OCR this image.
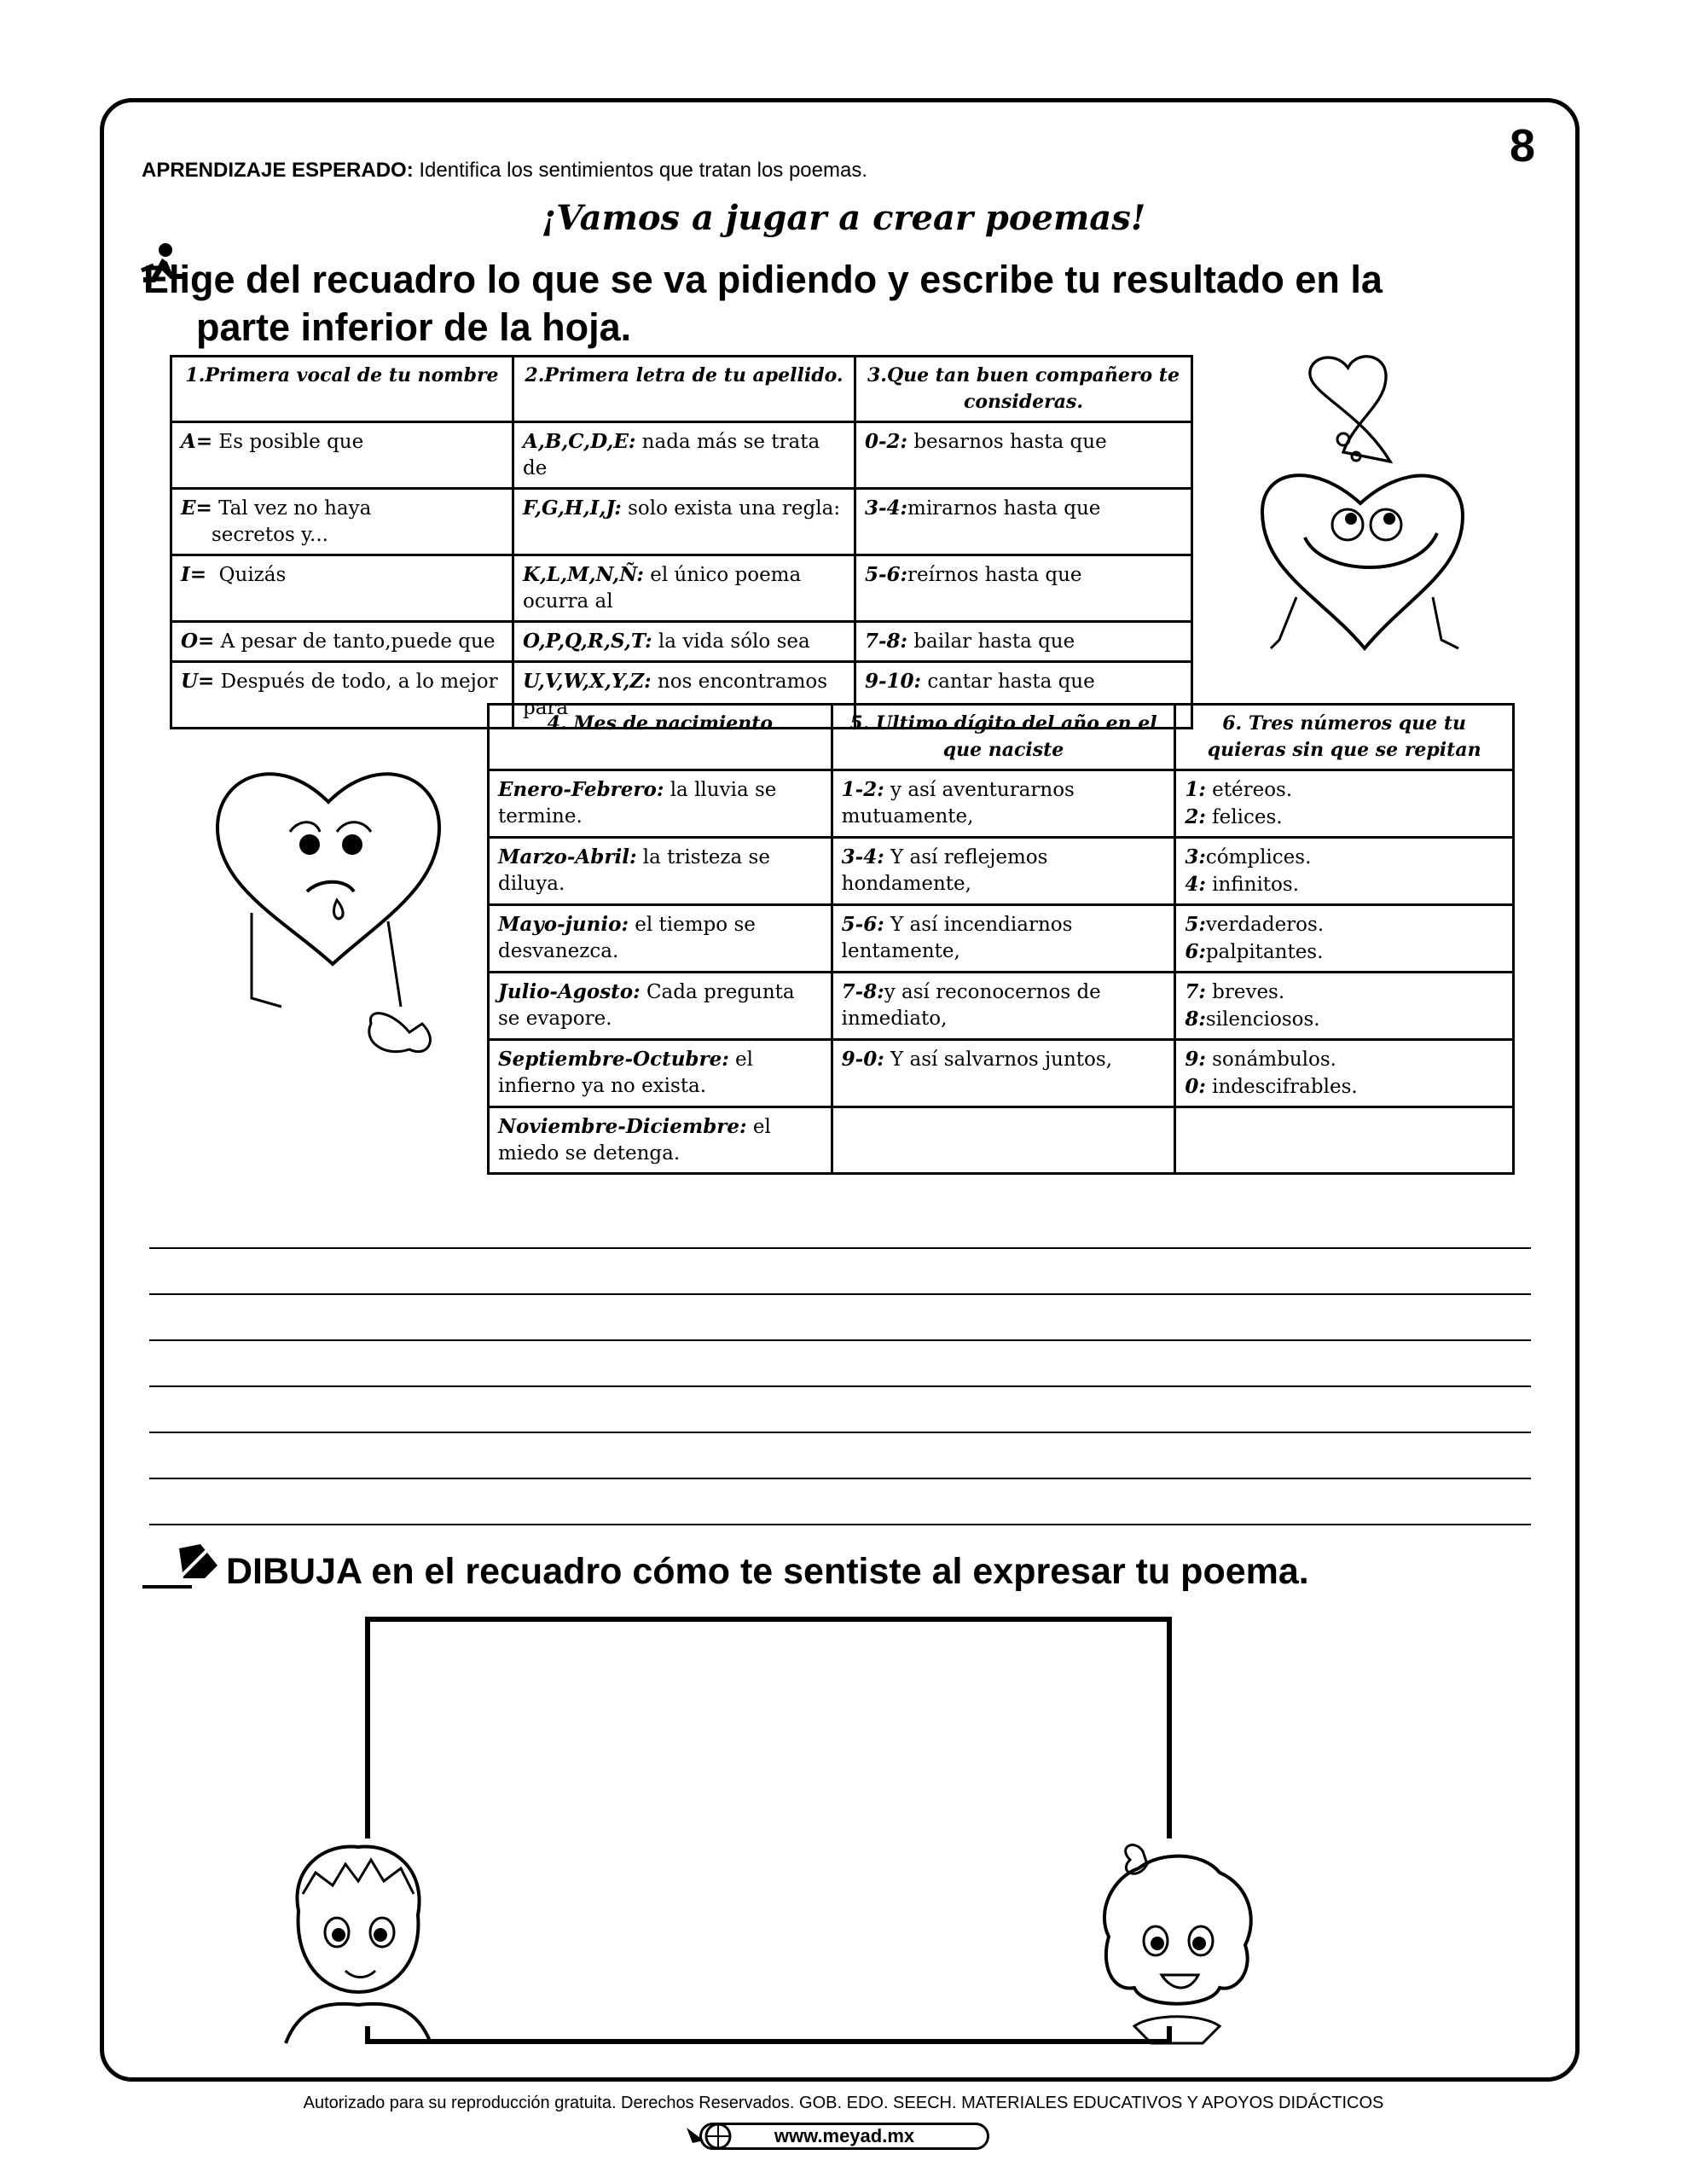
8
APRENDIZAJE ESPERADO: Identifica los sentimientos que tratan los poemas.
¡Vamos a jugar a crear poemas!
Elige del recuadro lo que se va pidiendo y escribe tu resultado en la
parte inferior de la hoja.
1.Primera vocal de tu nombre	2.Primera letra de tu apellido.	3.Que tan buen compañero te consideras.
A= Es posible que	A,B,C,D,E: nada más se trata de	0-2: besarnos hasta que
E= Tal vez no haya
secretos y...	F,G,H,I,J: solo exista una regla:	3-4:mirarnos hasta que
I=  Quizás	K,L,M,N,Ñ: el único poema ocurra al	5-6:reírnos hasta que
O= A pesar de tanto,puede que	O,P,Q,R,S,T: la vida sólo sea	7-8: bailar hasta que
U= Después de todo, a lo mejor	U,V,W,X,Y,Z: nos encontramos para	9-10: cantar hasta que
4. Mes de nacimiento	5. Ultimo dígito del año en el que naciste	6. Tres números que tu quieras sin que se repitan
Enero-Febrero: la lluvia se termine.	1-2: y así aventurarnos mutuamente,	1: etéreos.
2: felices.

Marzo-Abril: la tristeza se diluya.	3-4: Y así reflejemos hondamente,	3:cómplices.
4: infinitos.

Mayo-junio: el tiempo se desvanezca.	5-6: Y así incendiarnos lentamente,	5:verdaderos.
6:palpitantes.

Julio-Agosto: Cada pregunta se evapore.	7-8:y así reconocernos de inmediato,	7: breves.
8:silenciosos.

Septiembre-Octubre: el infierno ya no exista.	9-0: Y así salvarnos juntos,	9: sonámbulos.
0: indescifrables.

Noviembre-Diciembre: el miedo se detenga.		
DIBUJA en el recuadro cómo te sentiste al expresar tu poema.
Autorizado para su reproducción gratuita. Derechos Reservados. GOB. EDO. SEECH. MATERIALES EDUCATIVOS Y APOYOS DIDÁCTICOS
www.meyad.mx
